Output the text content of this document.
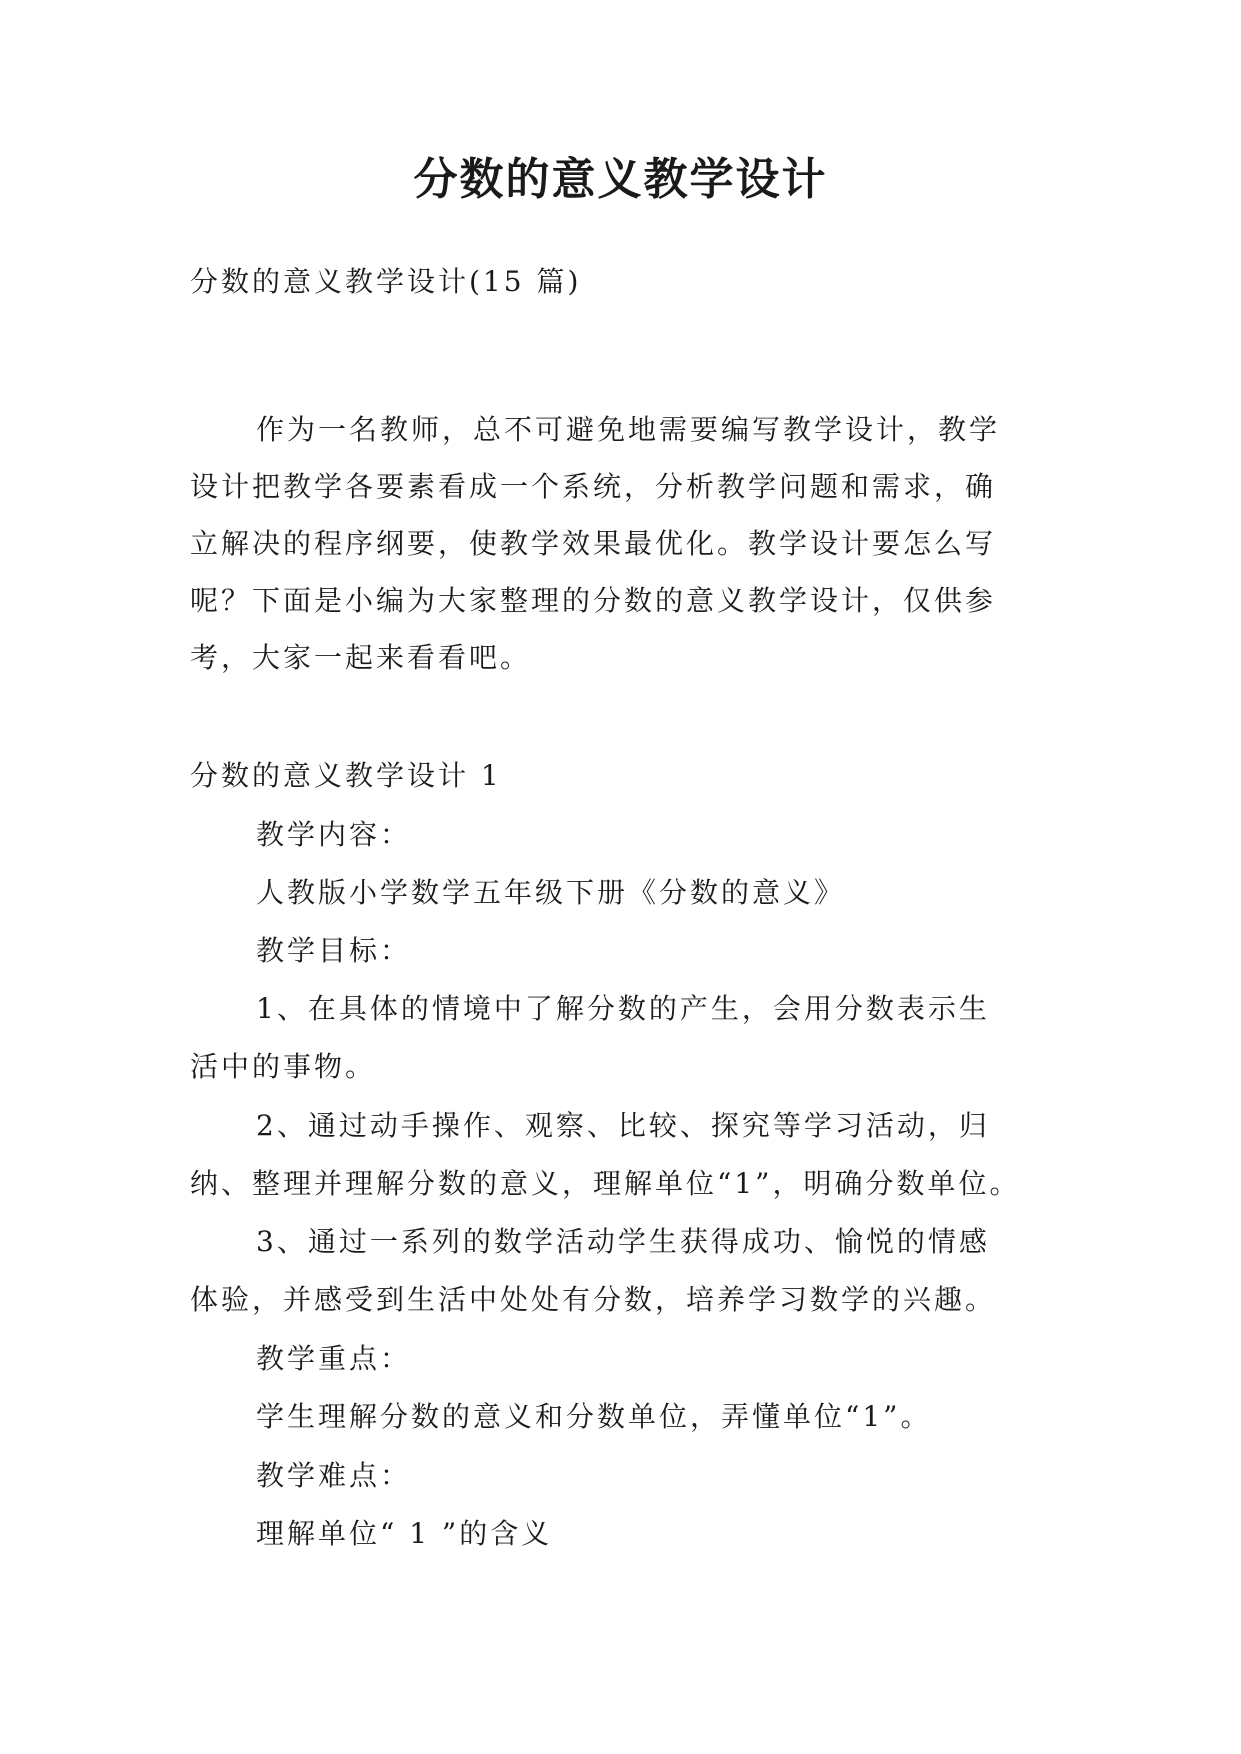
分数的意义教学设计

分数的意义教学设计(15 篇)

作为一名教师，总不可避免地需要编写教学设计，教学

设计把教学各要素看成一个系统，分析教学问题和需求，确

立解决的程序纲要，使教学效果最优化。教学设计要怎么写

呢？下面是小编为大家整理的分数的意义教学设计，仅供参

考，大家一起来看看吧。

分数的意义教学设计 1

教学内容：

人教版小学数学五年级下册《分数的意义》

教学目标：

1、在具体的情境中了解分数的产生，会用分数表示生

活中的事物。

2、通过动手操作、观察、比较、探究等学习活动，归

纳、整理并理解分数的意义，理解单位“1”，明确分数单位。

3、通过一系列的数学活动学生获得成功、愉悦的情感

体验，并感受到生活中处处有分数，培养学习数学的兴趣。

教学重点：

学生理解分数的意义和分数单位，弄懂单位“1”。

教学难点：

理解单位“ 1 ”的含义
